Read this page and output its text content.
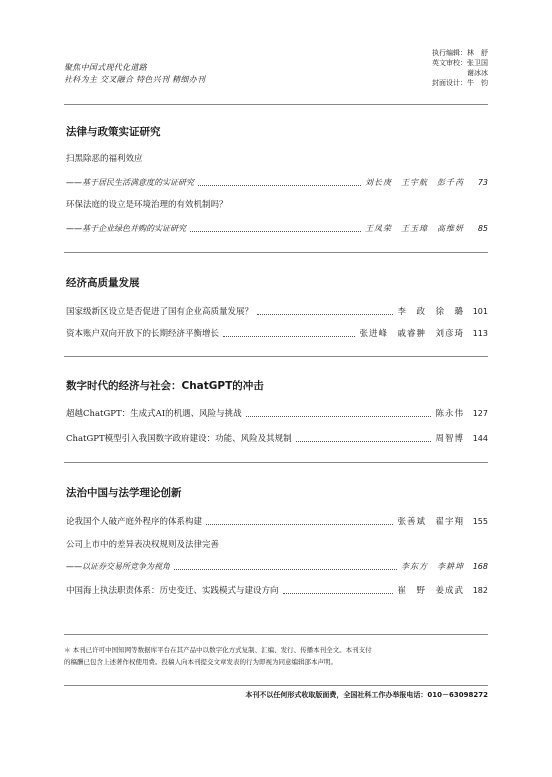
聚焦中国式现代化道路
社科为主 交叉融合 特色兴刊 精细办刊
执行编辑：林　舒
英文审校：张卫国
谢冰冰
封面设计：牛　钧
法律与政策实证研究
扫黑除恶的福利效应
——基于居民生活满意度的实证研究	刘长庚　王宇航　彭千芮	73
环保法庭的设立是环境治理的有效机制吗？
——基于企业绿色并购的实证研究	王凤荣　王玉璋　高维妍	85
经济高质量发展
国家级新区设立是否促进了国有企业高质量发展？	李　政　徐　璐	101
资本账户双向开放下的长期经济平衡增长	张进峰　戚睿翀　刘彦琦	113
数字时代的经济与社会：ChatGPT的冲击
超越ChatGPT：生成式AI的机遇、风险与挑战	陈永伟	127
ChatGPT模型引入我国数字政府建设：功能、风险及其规制	周智博	144
法治中国与法学理论创新
论我国个人破产庭外程序的体系构建	张善斌　翟宇翔	155
公司上市中的差异表决权规则及法律完善
——以证券交易所竞争为视角	李东方　李耕坤	168
中国海上执法职责体系：历史变迁、实践模式与建设方向	崔　野　姜成武	182
＊ 本刊已许可中国知网等数据库平台在其产品中以数字化方式复制、汇编、发行、传播本刊全文。本刊支付
的稿酬已包含上述著作权使用费。投稿人向本刊提交文章发表的行为即视为同意编辑部本声明。
本刊不以任何形式收取版面费，全国社科工作办举报电话：010－63098272
